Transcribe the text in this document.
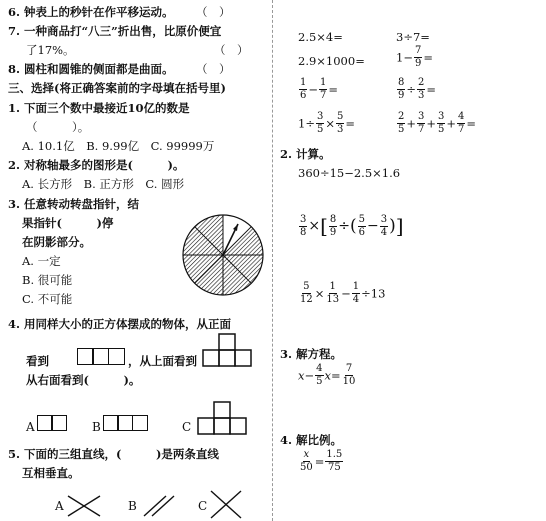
6. 钟表上的秒针在作平移运动。 （　）
7. 一种商品打“八三”折出售，比原价便宜
了17%。	（　）
8. 圆柱和圆锥的侧面都是曲面。 （　）
三、选择(将正确答案前的字母填在括号里)
1. 下面三个数中最接近10亿的数是
（　　　）。
A. 10.1亿　B. 9.99亿　C. 99999万
2. 对称轴最多的图形是(　　　)。
A. 长方形　B. 正方形　C. 圆形
3. 任意转动转盘指针，结
果指针(　　　)停
在阴影部分。
A. 一定
B. 很可能
C. 不可能
4. 用同样大小的正方体摆成的物体，从正面
看到	，从上面看到
从右面看到(　　　)。
A	B	C
5. 下面的三组直线，(　　　)是两条直线
互相垂直。
A	B	C
2.5×4=	3÷7=
2.9×1000=	$1- \frac{7}{9}$ =
$\frac{1}{6} - \frac{1}{7}$ =	$\frac{8}{9} \div \frac{2}{3}$ =
$1\div \frac{3}{5} \times \frac{5}{3}$ =	$\frac{2}{5} + \frac{3}{7} + \frac{3}{5} + \frac{4}{7}$ =
2. 计算。
360÷15−2.5×1.6
$\frac{3}{8}$ ×[ $\frac{8}{9}$ ÷( $\frac{5}{6} - \frac{3}{4}$ )]
$\frac{5}{12} \times \frac{1}{13} - \frac{1}{4} \div 13$
3. 解方程。
$x- \frac{4}{5} x= \frac{7}{10}$
4. 解比例。
$\frac{x}{50} = \frac{1.5}{75}$
